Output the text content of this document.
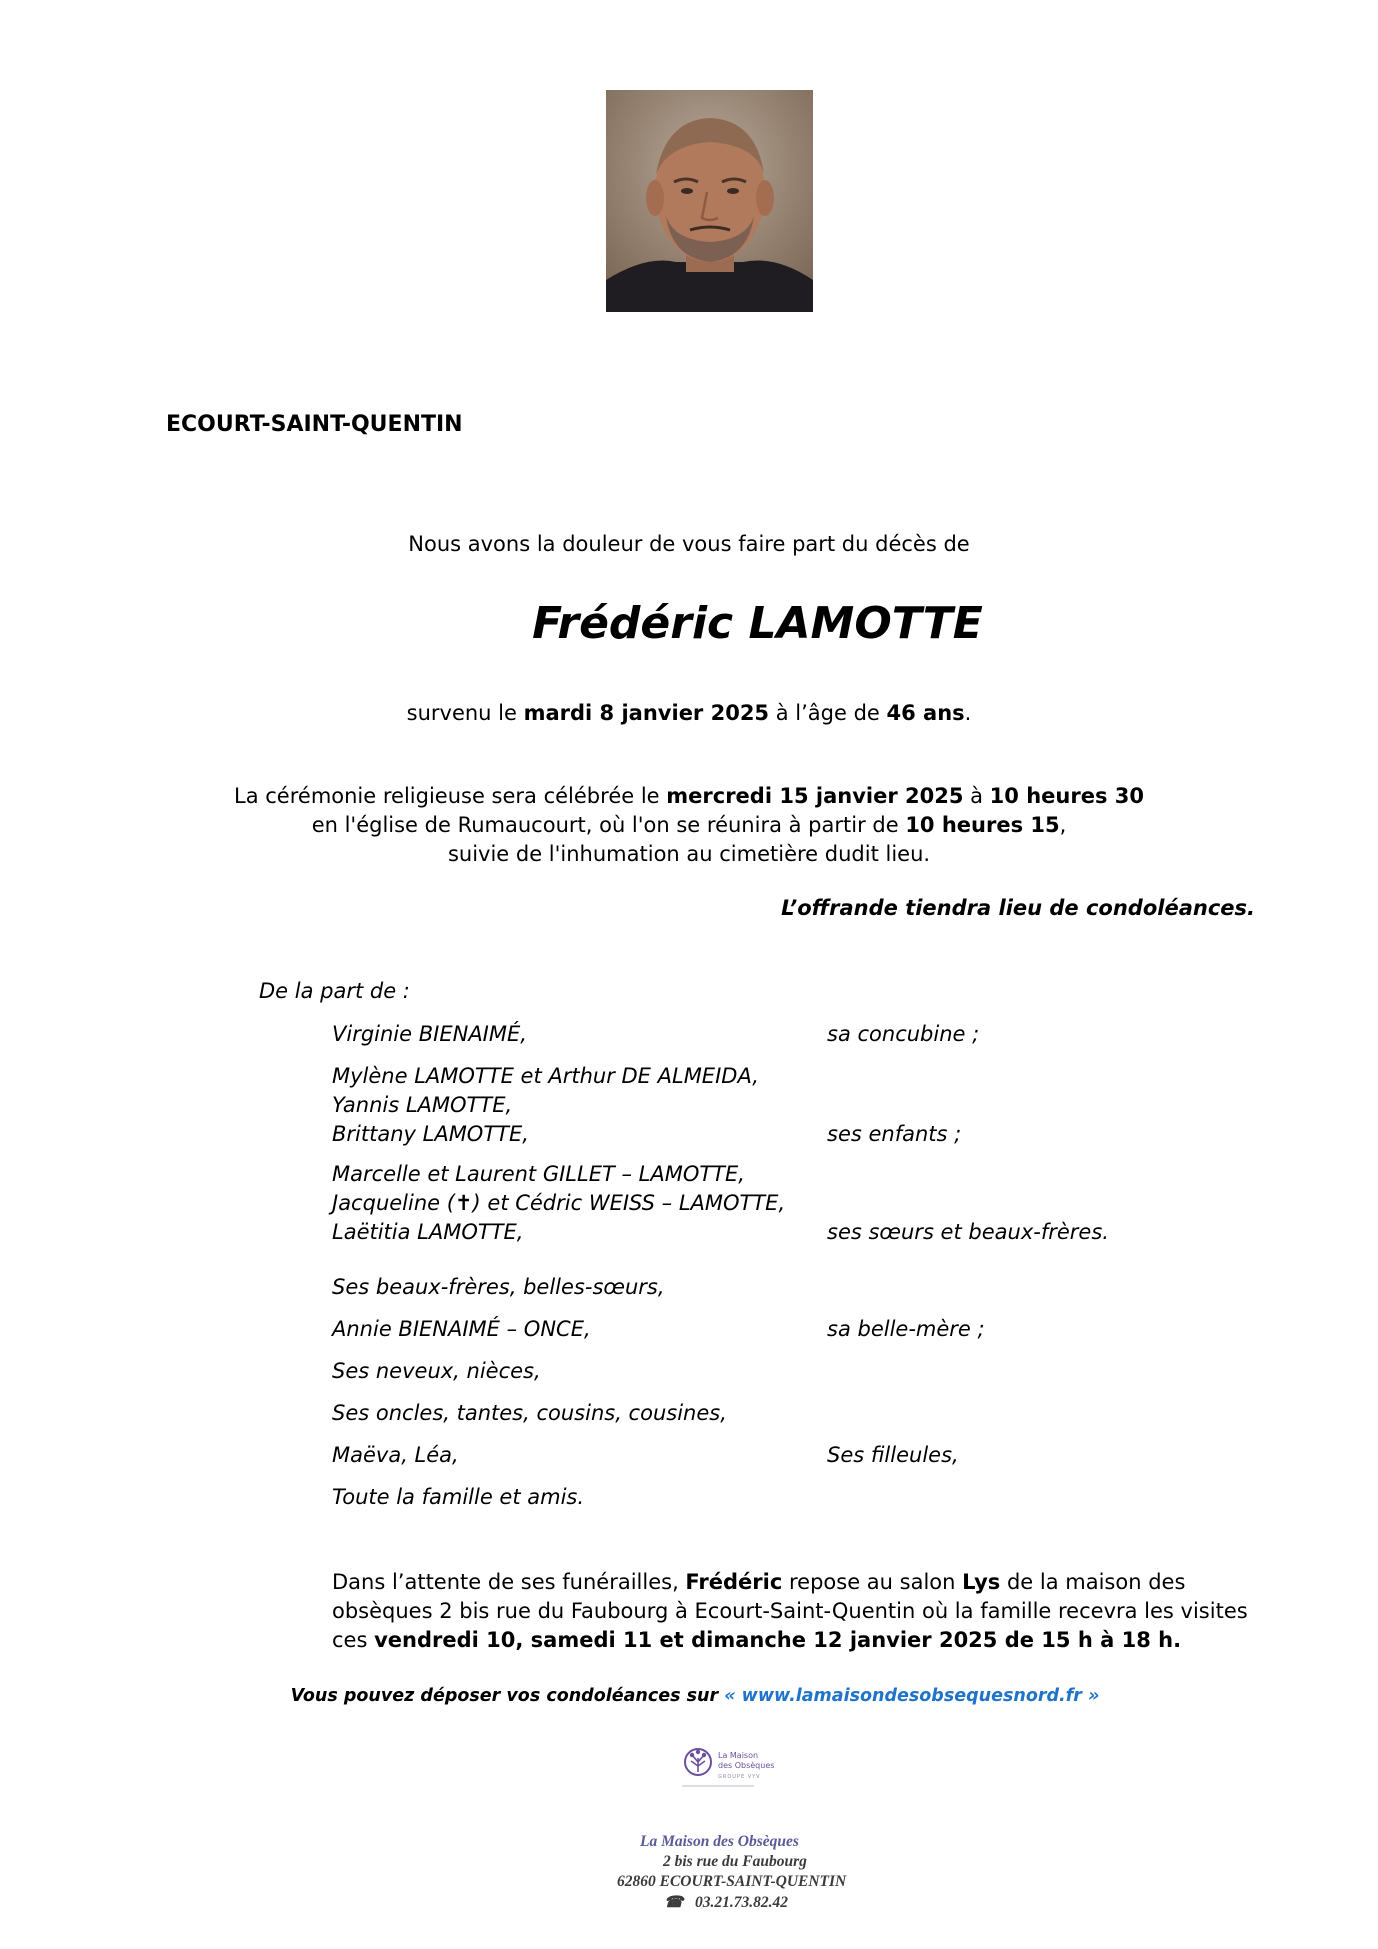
ECOURT-SAINT-QUENTIN
Nous avons la douleur de vous faire part du décès de
Frédéric LAMOTTE
survenu le mardi 8 janvier 2025 à l’âge de 46 ans.
La cérémonie religieuse sera célébrée le mercredi 15 janvier 2025 à 10 heures 30
en l'église de Rumaucourt, où l'on se réunira à partir de 10 heures 15,
suivie de l'inhumation au cimetière dudit lieu.
L’offrande tiendra lieu de condoléances.
De la part de :
Virginie BIENAIMÉ,	sa concubine ;
Mylène LAMOTTE et Arthur DE ALMEIDA,
Yannis LAMOTTE,
Brittany LAMOTTE,	ses enfants ;
Marcelle et Laurent GILLET – LAMOTTE,
Jacqueline (✝) et Cédric WEISS – LAMOTTE,
Laëtitia LAMOTTE,	ses sœurs et beaux-frères.
Ses beaux-frères, belles-sœurs,
Annie BIENAIMÉ – ONCE,	sa belle-mère ;
Ses neveux, nièces,
Ses oncles, tantes, cousins, cousines,
Maëva, Léa,	Ses filleules,
Toute la famille et amis.
Dans l’attente de ses funérailles, Frédéric repose au salon Lys de la maison des obsèques 2 bis rue du Faubourg à Ecourt-Saint-Quentin où la famille recevra les visites ces vendredi 10, samedi 11 et dimanche 12 janvier 2025 de 15 h à 18 h.
Vous pouvez déposer vos condoléances sur « www.lamaisondesobsequesnord.fr »
La Maison
des Obsèques
GROUPE VYV
La Maison des Obsèques
2 bis rue du Faubourg
62860 ECOURT-SAINT-QUENTIN
☎ 03.21.73.82.42
